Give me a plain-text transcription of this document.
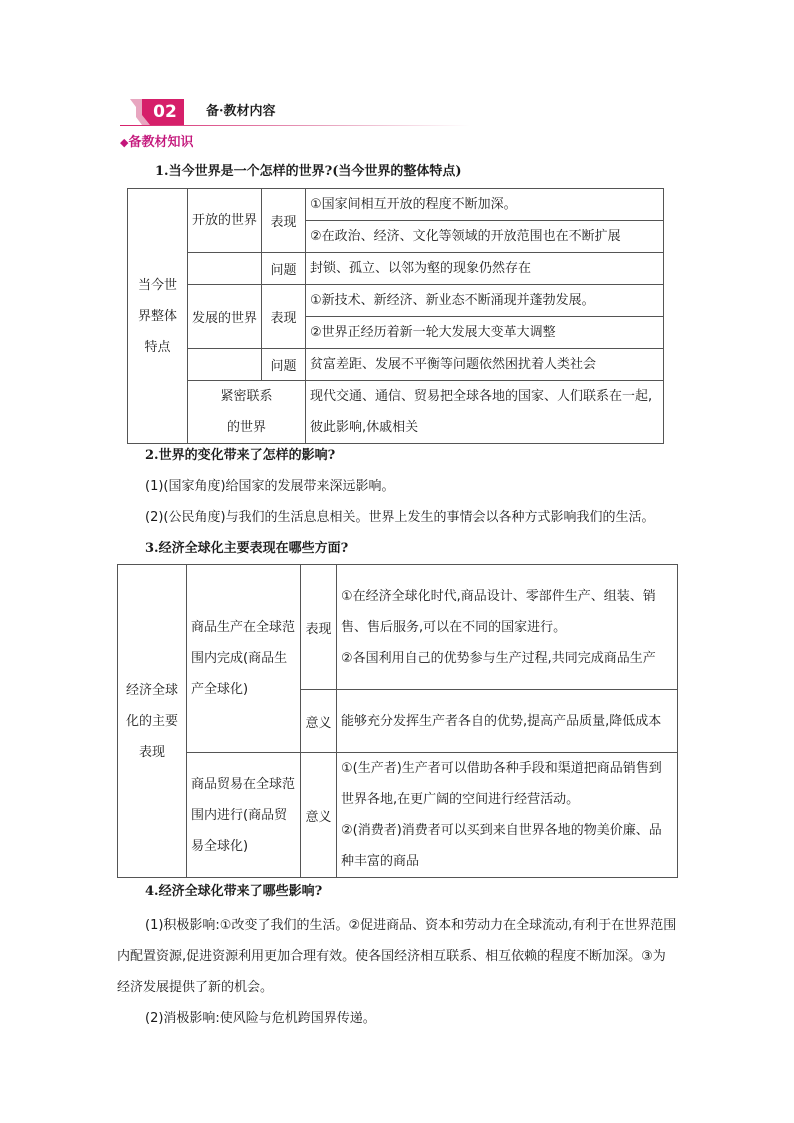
02 备·教材内容
◆备教材知识
1.当今世界是一个怎样的世界?(当今世界的整体特点)
当今世界整体特点	开放的世界	表现	①国家间相互开放的程度不断加深。
			②在政治、经济、文化等领域的开放范围也在不断扩展
		问题	封锁、孤立、以邻为壑的现象仍然存在
	发展的世界	表现	①新技术、新经济、新业态不断涌现并蓬勃发展。
			②世界正经历着新一轮大发展大变革大调整
		问题	贫富差距、发展不平衡等问题依然困扰着人类社会

	紧密联系的世界		现代交通、通信、贸易把全球各地的国家、人们联系在一起,彼此影响,休戚相关
2.世界的变化带来了怎样的影响?
(1)(国家角度)给国家的发展带来深远影响。
(2)(公民角度)与我们的生活息息相关。世界上发生的事情会以各种方式影响我们的生活。
3.经济全球化主要表现在哪些方面?
经济全球化的主要表现	商品生产在全球范围内完成(商品生产全球化)	表现	①在经济全球化时代,商品设计、零部件生产、组装、销售、售后服务,可以在不同的国家进行。
②各国利用自己的优势参与生产过程,共同完成商品生产

		意义	能够充分发挥生产者各自的优势,提高产品质量,降低成本

	商品贸易在全球范围内进行(商品贸易全球化)	意义	①(生产者)生产者可以借助各种手段和渠道把商品销售到世界各地,在更广阔的空间进行经营活动。
②(消费者)消费者可以买到来自世界各地的物美价廉、品种丰富的商品
4.经济全球化带来了哪些影响?
(1)积极影响:①改变了我们的生活。②促进商品、资本和劳动力在全球流动,有利于在世界范围内配置资源,促进资源利用更加合理有效。使各国经济相互联系、相互依赖的程度不断加深。③为经济发展提供了新的机会。
(2)消极影响:使风险与危机跨国界传递。
